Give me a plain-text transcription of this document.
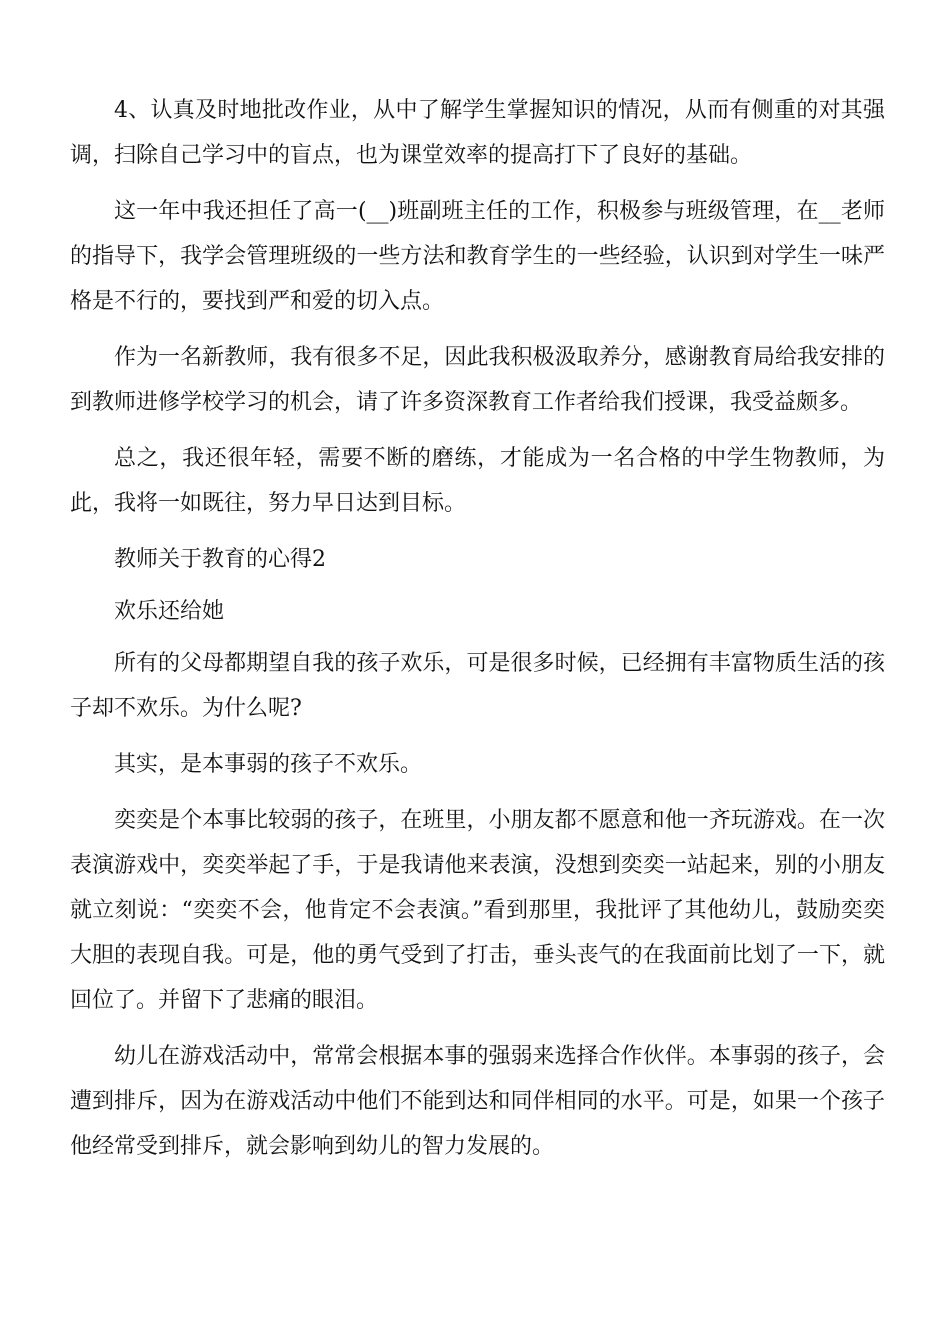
4、认真及时地批改作业，从中了解学生掌握知识的情况，从而有侧重的对其强调，扫除自己学习中的盲点，也为课堂效率的提高打下了良好的基础。

这一年中我还担任了高一(__)班副班主任的工作，积极参与班级管理，在__老师的指导下，我学会管理班级的一些方法和教育学生的一些经验，认识到对学生一味严格是不行的，要找到严和爱的切入点。

作为一名新教师，我有很多不足，因此我积极汲取养分，感谢教育局给我安排的到教师进修学校学习的机会，请了许多资深教育工作者给我们授课，我受益颇多。

总之，我还很年轻，需要不断的磨练，才能成为一名合格的中学生物教师，为此，我将一如既往，努力早日达到目标。

教师关于教育的心得2

欢乐还给她

所有的父母都期望自我的孩子欢乐，可是很多时候，已经拥有丰富物质生活的孩子却不欢乐。为什么呢?

其实，是本事弱的孩子不欢乐。

奕奕是个本事比较弱的孩子，在班里，小朋友都不愿意和他一齐玩游戏。在一次表演游戏中，奕奕举起了手，于是我请他来表演，没想到奕奕一站起来，别的小朋友就立刻说：“奕奕不会，他肯定不会表演。”看到那里，我批评了其他幼儿，鼓励奕奕大胆的表现自我。可是，他的勇气受到了打击，垂头丧气的在我面前比划了一下，就回位了。并留下了悲痛的眼泪。

幼儿在游戏活动中，常常会根据本事的强弱来选择合作伙伴。本事弱的孩子，会遭到排斥，因为在游戏活动中他们不能到达和同伴相同的水平。可是，如果一个孩子他经常受到排斥，就会影响到幼儿的智力发展的。
